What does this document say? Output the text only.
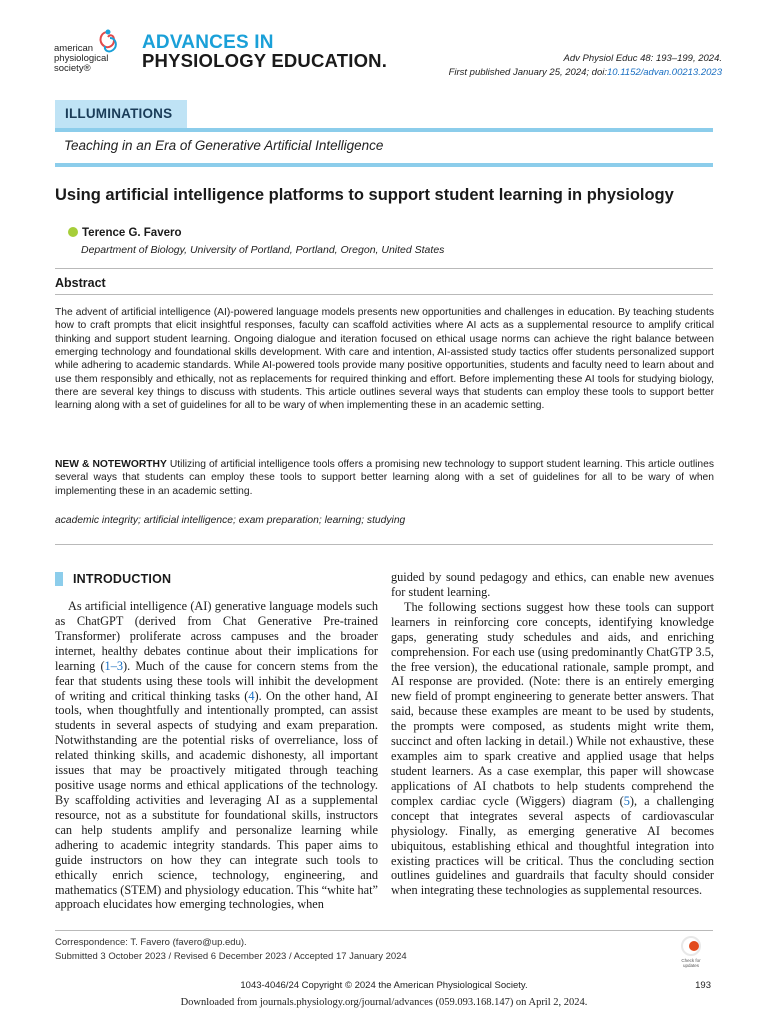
american
physiological
society®
ADVANCES IN
PHYSIOLOGY EDUCATION.	Adv Physiol Educ 48: 193–199, 2024.
First published January 25, 2024; doi:10.1152/advan.00213.2023
ILLUMINATIONS
Teaching in an Era of Generative Artificial Intelligence
Using artificial intelligence platforms to support student learning in physiology
Terence G. Favero
Department of Biology, University of Portland, Portland, Oregon, United States
Abstract
The advent of artificial intelligence (AI)-powered language models presents new opportunities and challenges in education. By teaching students how to craft prompts that elicit insightful responses, faculty can scaffold activities where AI acts as a supplemental resource to amplify critical thinking and support student learning. Ongoing dialogue and iteration focused on ethical usage norms can achieve the right balance between emerging technology and foundational skills development. With care and intention, AI-assisted study tactics offer students personalized support while adhering to academic standards. While AI-powered tools provide many positive opportunities, students and faculty need to learn about and use them responsibly and ethically, not as replacements for required thinking and effort. Before implementing these AI tools for studying biology, there are several key things to discuss with students. This article outlines several ways that students can employ these tools to support better learning along with a set of guidelines for all to be wary of when implementing these in an academic setting.
NEW & NOTEWORTHY Utilizing of artificial intelligence tools offers a promising new technology to support student learning. This article outlines several ways that students can employ these tools to support better learning along with a set of guidelines for all to be wary of when implementing these in an academic setting.
academic integrity; artificial intelligence; exam preparation; learning; studying
INTRODUCTION

As artificial intelligence (AI) generative language models such as ChatGPT (derived from Chat Generative Pre-trained Transformer) proliferate across campuses and the broader internet, healthy debates continue about their implications for learning (1–3). Much of the cause for concern stems from the fear that students using these tools will inhibit the development of writing and critical thinking tasks (4). On the other hand, AI tools, when thoughtfully and intentionally prompted, can assist students in several aspects of studying and exam preparation. Notwithstanding are the potential risks of overreliance, loss of related thinking skills, and academic dishonesty, all important issues that may be proactively mitigated through teaching positive usage norms and ethical applications of the technology. By scaffolding activities and leveraging AI as a supplemental resource, not as a substitute for foundational skills, instructors can help students amplify and personalize learning while adhering to academic integrity standards. This paper aims to guide instructors on how they can integrate such tools to ethically enrich science, technology, engineering, and mathematics (STEM) and physiology education. This “white hat” approach elucidates how emerging technologies, when

guided by sound pedagogy and ethics, can enable new avenues for student learning.

The following sections suggest how these tools can support learners in reinforcing core concepts, identifying knowledge gaps, generating study schedules and aids, and enriching comprehension. For each use (using predominantly ChatGTP 3.5, the free version), the educational rationale, sample prompt, and AI response are provided. (Note: there is an entirely emerging new field of prompt engineering to generate better answers. That said, because these examples are meant to be used by students, the prompts were composed, as students might write them, succinct and often lacking in detail.) While not exhaustive, these examples aim to spark creative and applied usage that helps student learners. As a case exemplar, this paper will showcase applications of AI chatbots to help students comprehend the complex cardiac cycle (Wiggers) diagram (5), a challenging concept that integrates several aspects of cardiovascular physiology. Finally, as emerging generative AI becomes ubiquitous, establishing ethical and thoughtful integration into existing practices will be critical. Thus the concluding section outlines guidelines and guardrails that faculty should consider when integrating these technologies as supplemental resources.

Correspondence: T. Favero (favero@up.edu).
Submitted 3 October 2023 / Revised 6 December 2023 / Accepted 17 January 2024	Check for updates
1043-4046/24 Copyright © 2024 the American Physiological Society.	193
Downloaded from journals.physiology.org/journal/advances (059.093.168.147) on April 2, 2024.
